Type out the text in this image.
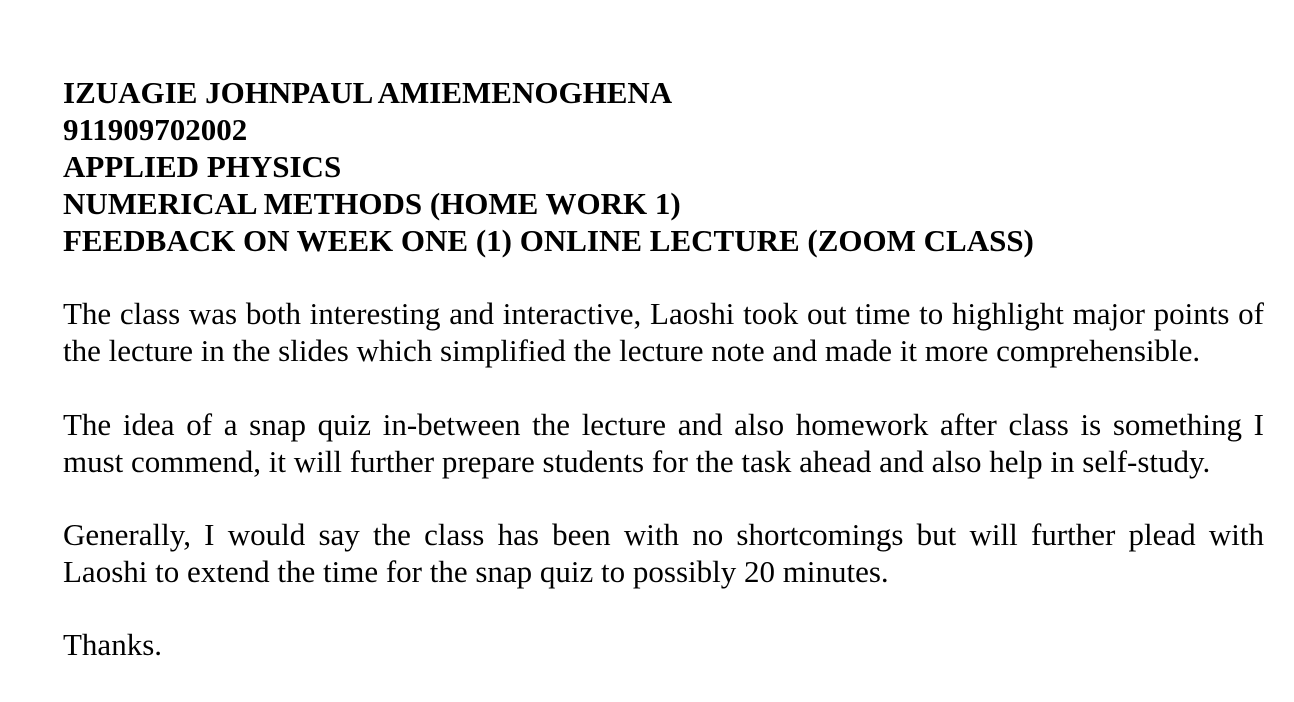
IZUAGIE JOHNPAUL AMIEMENOGHENA
911909702002
APPLIED PHYSICS
NUMERICAL METHODS (HOME WORK 1)
FEEDBACK ON WEEK ONE (1) ONLINE LECTURE (ZOOM CLASS)

The class was both interesting and interactive, Laoshi took out time to highlight major points of the lecture in the slides which simplified the lecture note and made it more comprehensible.

The idea of a snap quiz in-between the lecture and also homework after class is something I must commend, it will further prepare students for the task ahead and also help in self-study.

Generally, I would say the class has been with no shortcomings but will further plead with Laoshi to extend the time for the snap quiz to possibly 20 minutes.

Thanks.
